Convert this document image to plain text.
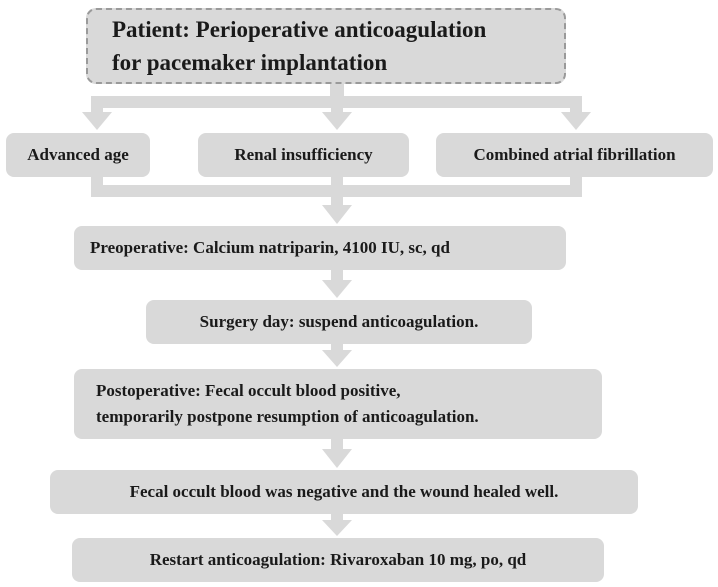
Patient: Perioperative anticoagulation
for pacemaker implantation
Advanced age	Renal insufficiency	Combined atrial fibrillation
Preoperative: Calcium natriparin, 4100 IU, sc, qd
Surgery day: suspend anticoagulation.
Postoperative: Fecal occult blood positive,
temporarily postpone resumption of anticoagulation.
Fecal occult blood was negative and the wound healed well.
Restart anticoagulation: Rivaroxaban 10 mg, po, qd
